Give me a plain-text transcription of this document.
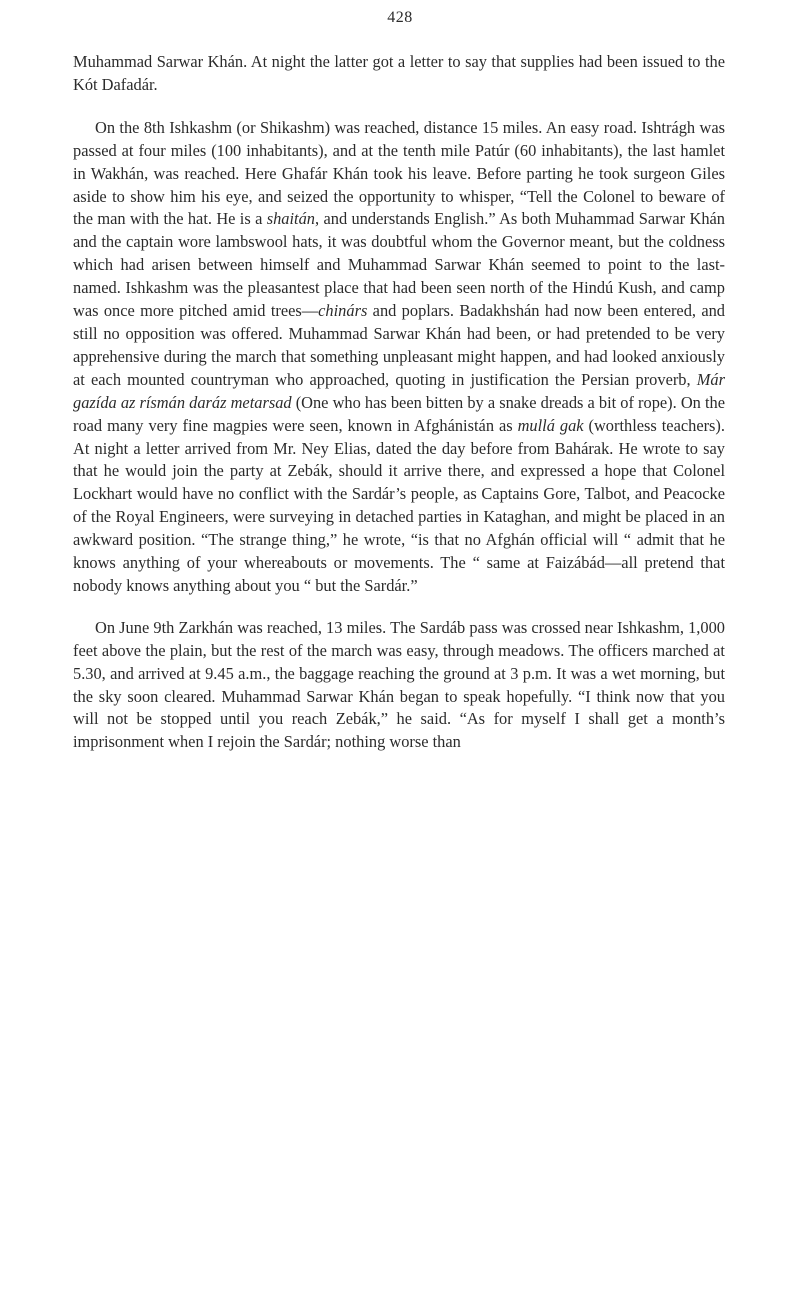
428

Muhammad Sarwar Khán. At night the latter got a letter to say that supplies had been issued to the Kót Dafadár.

On the 8th Ishkashm (or Shikashm) was reached, distance 15 miles. An easy road. Ishtrágh was passed at four miles (100 inhabitants), and at the tenth mile Patúr (60 inhabitants), the last hamlet in Wakhán, was reached. Here Ghafár Khán took his leave. Before parting he took surgeon Giles aside to show him his eye, and seized the opportunity to whisper, “Tell the Colonel to beware of the man with the hat. He is a shaitán, and understands English.” As both Muhammad Sarwar Khán and the captain wore lambswool hats, it was doubtful whom the Governor meant, but the coldness which had arisen between himself and Muhammad Sarwar Khán seemed to point to the last-named. Ishkashm was the pleasantest place that had been seen north of the Hindú Kush, and camp was once more pitched amid trees—chinárs and poplars. Badakhshán had now been entered, and still no opposition was offered. Muhammad Sarwar Khán had been, or had pretended to be very apprehensive during the march that something unpleasant might happen, and had looked anxiously at each mounted countryman who approached, quoting in justification the Persian proverb, Már gazída az rísmán daráz metarsad (One who has been bitten by a snake dreads a bit of rope). On the road many very fine magpies were seen, known in Afghánistán as mullá gak (worthless teachers). At night a letter arrived from Mr. Ney Elias, dated the day before from Bahárak. He wrote to say that he would join the party at Zebák, should it arrive there, and expressed a hope that Colonel Lockhart would have no conflict with the Sardár’s people, as Captains Gore, Talbot, and Peacocke of the Royal Engineers, were surveying in detached parties in Kataghan, and might be placed in an awkward position. “The strange thing,” he wrote, “is that no Afghán official will “ admit that he knows anything of your whereabouts or movements. The “ same at Faizábád—all pretend that nobody knows anything about you “ but the Sardár.”

On June 9th Zarkhán was reached, 13 miles. The Sardáb pass was crossed near Ishkashm, 1,000 feet above the plain, but the rest of the march was easy, through meadows. The officers marched at 5.30, and arrived at 9.45 a.m., the baggage reaching the ground at 3 p.m. It was a wet morning, but the sky soon cleared. Muhammad Sarwar Khán began to speak hopefully. “I think now that you will not be stopped until you reach Zebák,” he said. “As for myself I shall get a month’s imprisonment when I rejoin the Sardár; nothing worse than
